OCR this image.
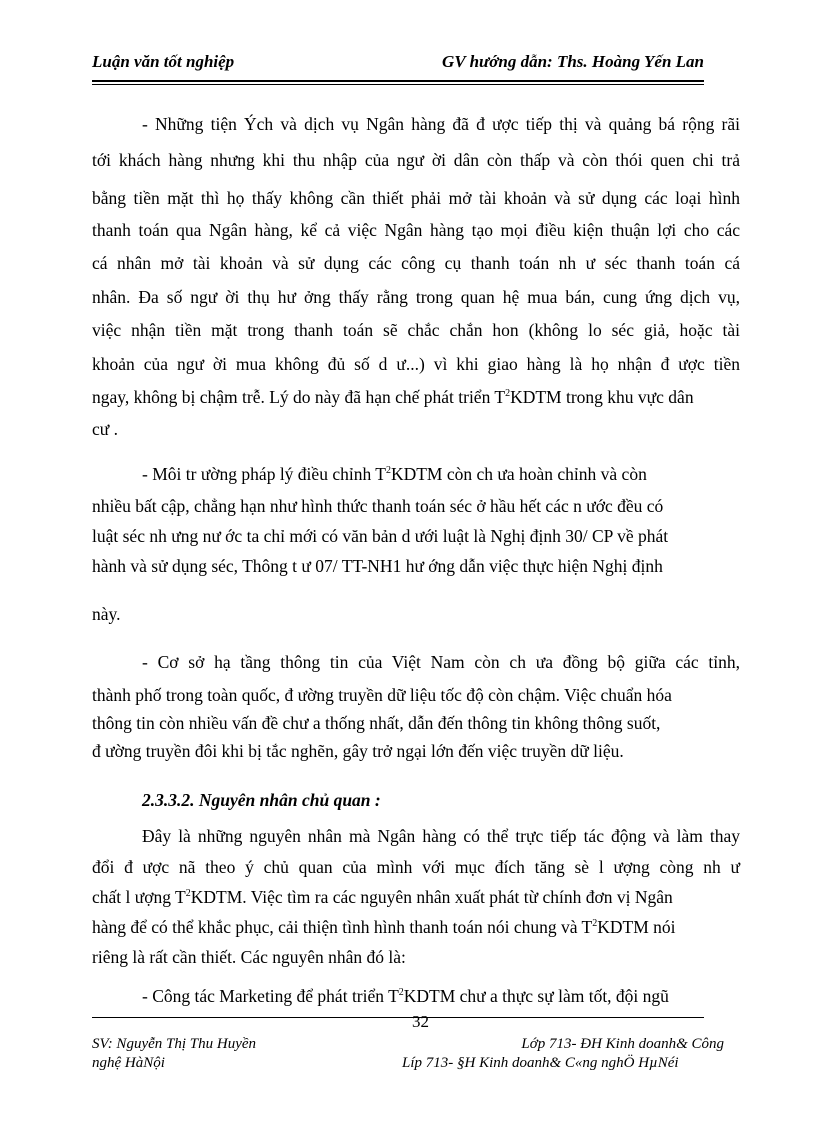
Luận văn tốt nghiệp	GV hướng dẫn: Ths. Hoàng Yến Lan
- Những tiện Ých và dịch vụ Ngân hàng đã đ ược tiếp thị và quảng bá rộng rãi
tới khách hàng nhưng khi thu nhập của ngư ời dân còn thấp và còn thói quen chi trả
bằng tiền mặt thì họ thấy không cần thiết phải mở tài khoản và sử dụng các loại hình
thanh toán qua Ngân hàng, kể cả việc Ngân hàng tạo mọi điều kiện thuận lợi cho các
cá nhân mở tài khoản và sử dụng các công cụ thanh toán nh ư séc thanh toán cá
nhân. Đa số ngư ời thụ hư ởng thấy rằng trong quan hệ mua bán, cung ứng dịch vụ,
việc nhận tiền mặt trong thanh toán sẽ chắc chắn hon (không lo séc giả, hoặc tài
khoản của ngư ời mua không đủ số d ư...) vì khi giao hàng là họ nhận đ ược tiền
ngay, không bị chậm trễ. Lý do này đã hạn chế phát triển $T^2KDTM$ trong khu vực dân
cư .
- Môi tr ường pháp lý điều chỉnh $T^2KDTM$ còn ch ưa hoàn chỉnh và còn
nhiều bất cập, chẳng hạn như hình thức thanh toán séc ở hầu hết các n ước đều có
luật séc nh ưng nư ớc ta chỉ mới có văn bản d ưới luật là Nghị định 30/ CP về phát
hành và sử dụng séc, Thông t ư 07/ TT-NH1 hư ớng dẫn việc thực hiện Nghị định
này.
- Cơ sở hạ tầng thông tin của Việt Nam còn ch ưa đồng bộ giữa các tỉnh,
thành phố trong toàn quốc, đ ường truyền dữ liệu tốc độ còn chậm. Việc chuẩn hóa
thông tin còn nhiều vấn đề chư a thống nhất, dẫn đến thông tin không thông suốt,
đ ường truyền đôi khi bị tắc nghẽn, gây trở ngại lớn đến việc truyền dữ liệu.
2.3.3.2. Nguyên nhân chủ quan :
Đây là những nguyên nhân mà Ngân hàng có thể trực tiếp tác động và làm thay
đổi đ ược nã theo ý chủ quan của mình với mục đích tăng sè l ượng còng nh ư
chất l ượng $T^2KDTM$. Việc tìm ra các nguyên nhân xuất phát từ chính đơn vị Ngân
hàng để có thể khắc phục, cải thiện tình hình thanh toán nói chung và $T^2KDTM$ nói
riêng là rất cần thiết. Các nguyên nhân đó là:
- Công tác Marketing để phát triển $T^2KDTM$ chư a thực sự làm tốt, đội ngũ
32
SV: Nguyễn Thị Thu Huyền	Lớp 713- ĐH Kinh doanh& Công
nghệ HàNội	Líp 713- §H Kinh doanh& C«ng nghÖ HµNéi
